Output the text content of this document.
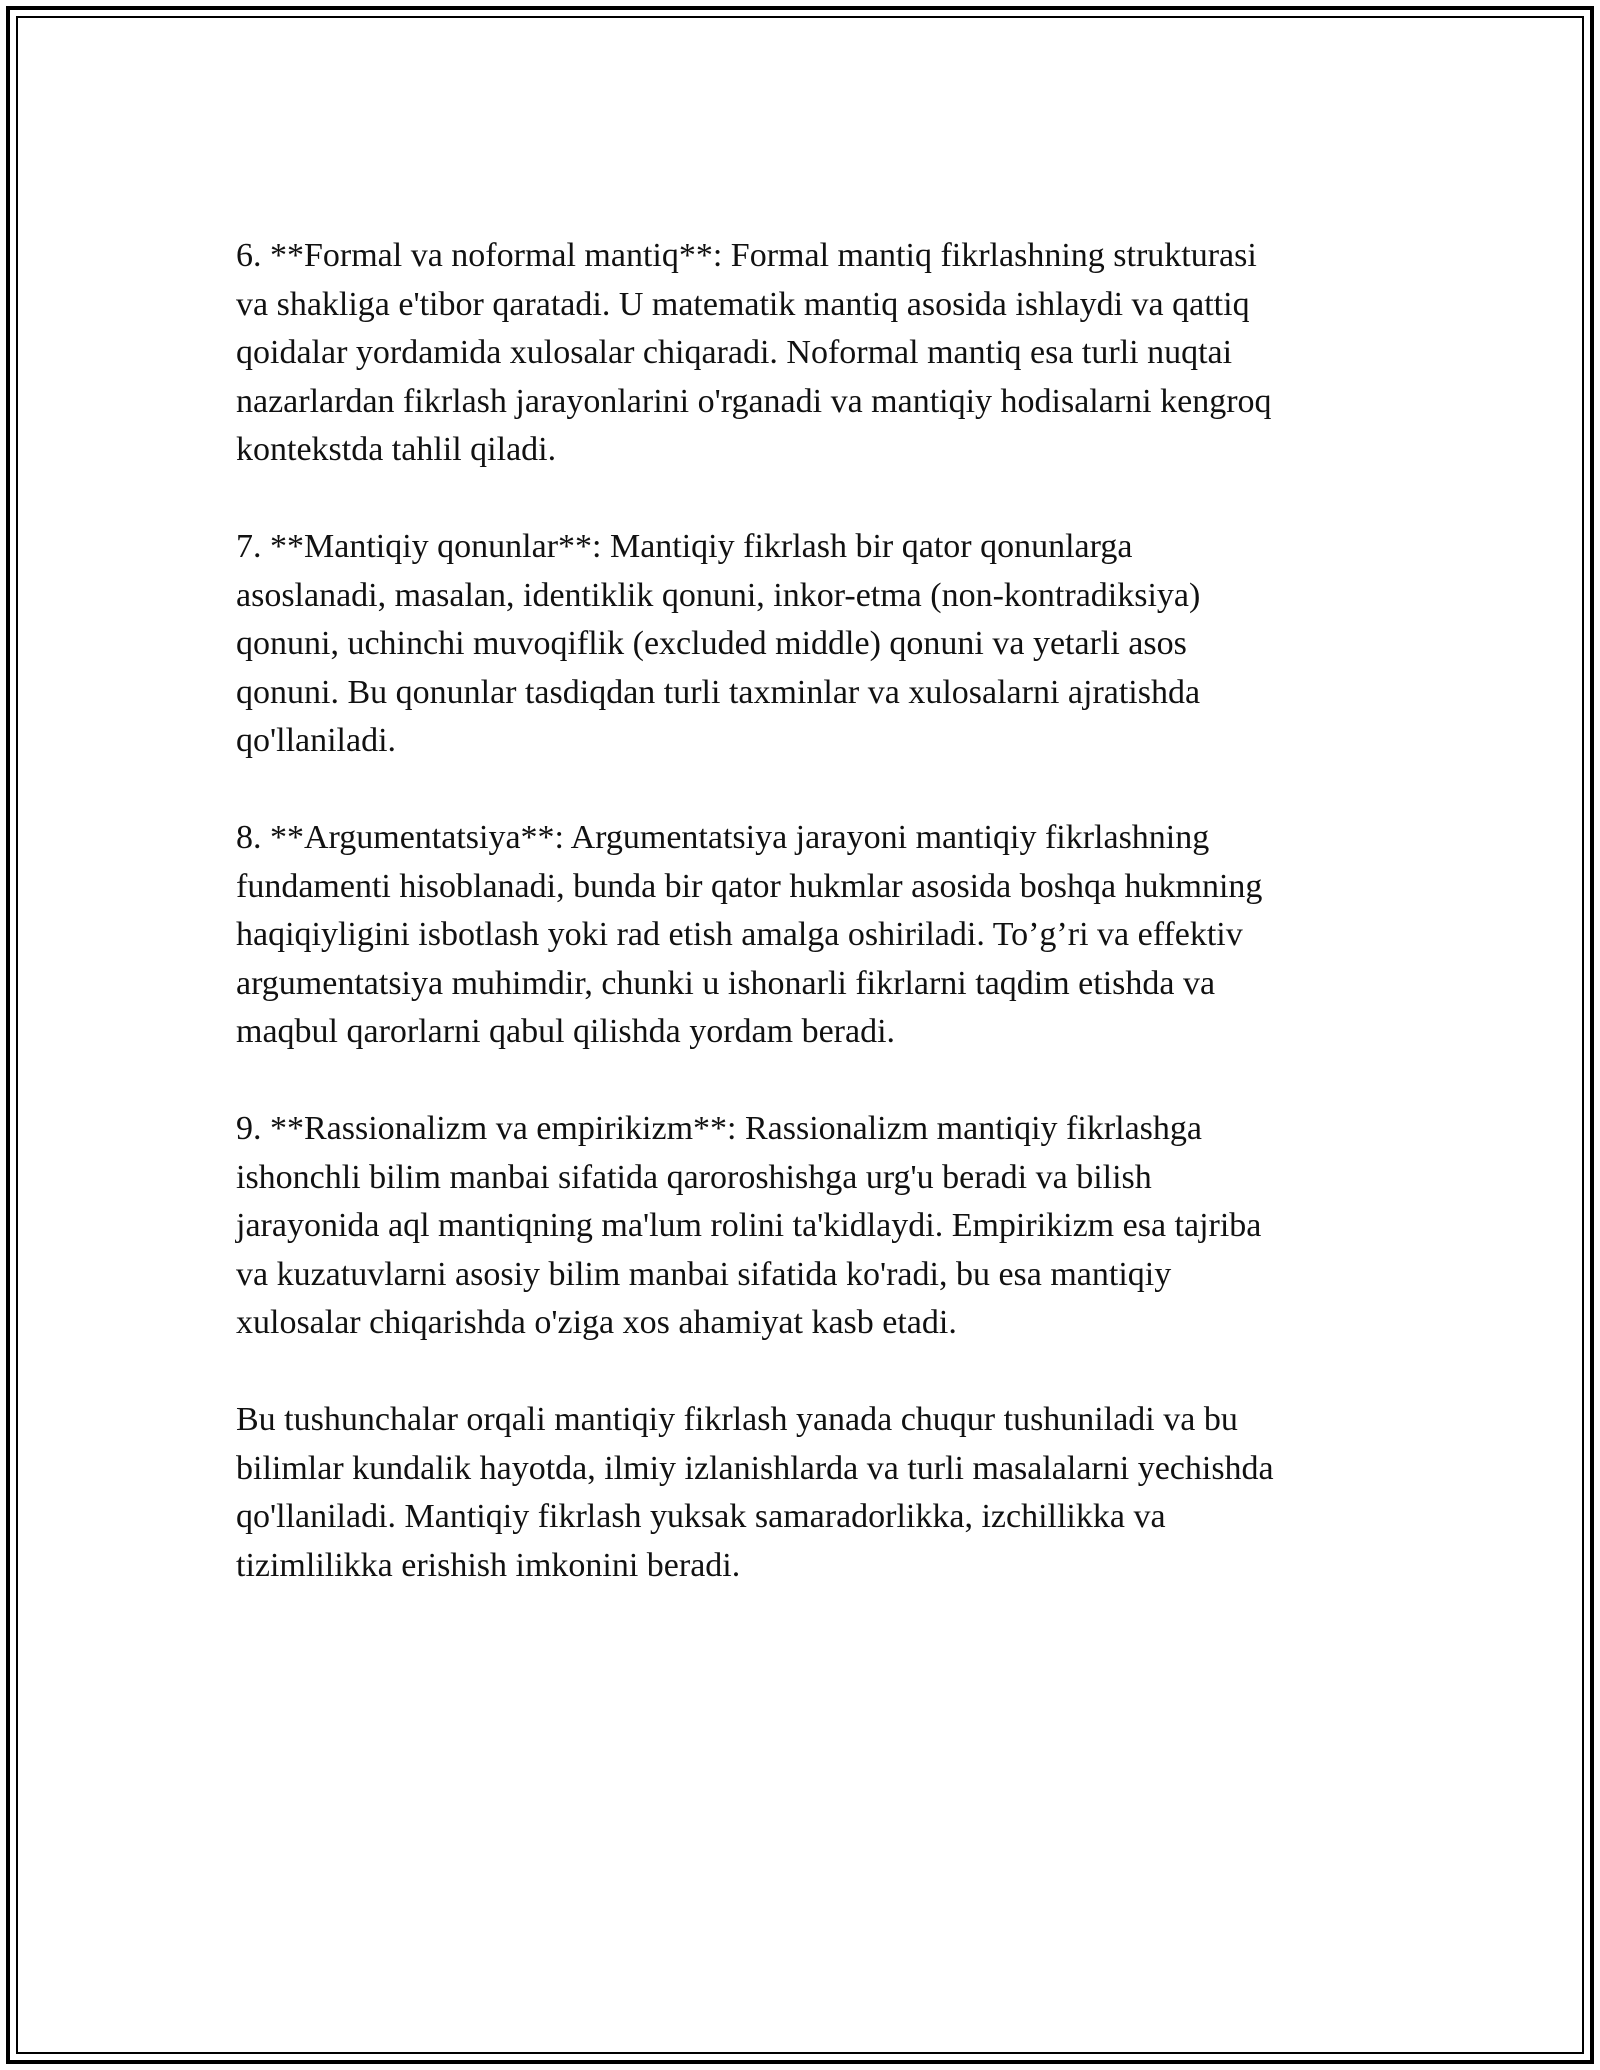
6. **Formal va noformal mantiq**: Formal mantiq fikrlashning strukturasi
va shakliga e'tibor qaratadi. U matematik mantiq asosida ishlaydi va qattiq
qoidalar yordamida xulosalar chiqaradi. Noformal mantiq esa turli nuqtai
nazarlardan fikrlash jarayonlarini o'rganadi va mantiqiy hodisalarni kengroq
kontekstda tahlil qiladi.

7. **Mantiqiy qonunlar**: Mantiqiy fikrlash bir qator qonunlarga
asoslanadi, masalan, identiklik qonuni, inkor-etma (non-kontradiksiya)
qonuni, uchinchi muvoqiflik (excluded middle) qonuni va yetarli asos
qonuni. Bu qonunlar tasdiqdan turli taxminlar va xulosalarni ajratishda
qo'llaniladi.

8. **Argumentatsiya**: Argumentatsiya jarayoni mantiqiy fikrlashning
fundamenti hisoblanadi, bunda bir qator hukmlar asosida boshqa hukmning
haqiqiyligini isbotlash yoki rad etish amalga oshiriladi. To’g’ri va effektiv
argumentatsiya muhimdir, chunki u ishonarli fikrlarni taqdim etishda va
maqbul qarorlarni qabul qilishda yordam beradi.

9. **Rassionalizm va empirikizm**: Rassionalizm mantiqiy fikrlashga
ishonchli bilim manbai sifatida qaroroshishga urg'u beradi va bilish
jarayonida aql mantiqning ma'lum rolini ta'kidlaydi. Empirikizm esa tajriba
va kuzatuvlarni asosiy bilim manbai sifatida ko'radi, bu esa mantiqiy
xulosalar chiqarishda o'ziga xos ahamiyat kasb etadi.

Bu tushunchalar orqali mantiqiy fikrlash yanada chuqur tushuniladi va bu
bilimlar kundalik hayotda, ilmiy izlanishlarda va turli masalalarni yechishda
qo'llaniladi. Mantiqiy fikrlash yuksak samaradorlikka, izchillikka va
tizimlilikka erishish imkonini beradi.
